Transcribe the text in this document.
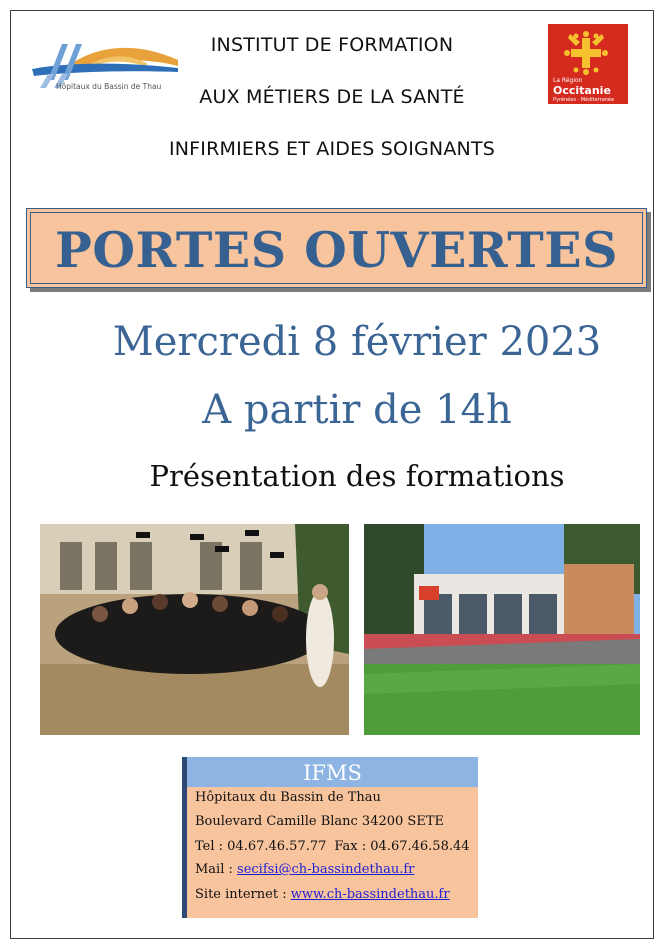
Hôpitaux du Bassin de Thau
La Région
Occitanie
Pyrénées · Méditerranée
INSTITUT DE FORMATION
AUX MÉTIERS DE LA SANTÉ
INFIRMIERS ET AIDES SOIGNANTS
PORTES OUVERTES
Mercredi 8 février 2023
A partir de 14h
Présentation des formations
IFMS
Hôpitaux du Bassin de Thau
Boulevard Camille Blanc 34200 SETE
Tel : 04.67.46.57.77 Fax : 04.67.46.58.44
Mail : secifsi@ch-bassindethau.fr
Site internet : www.ch-bassindethau.fr
